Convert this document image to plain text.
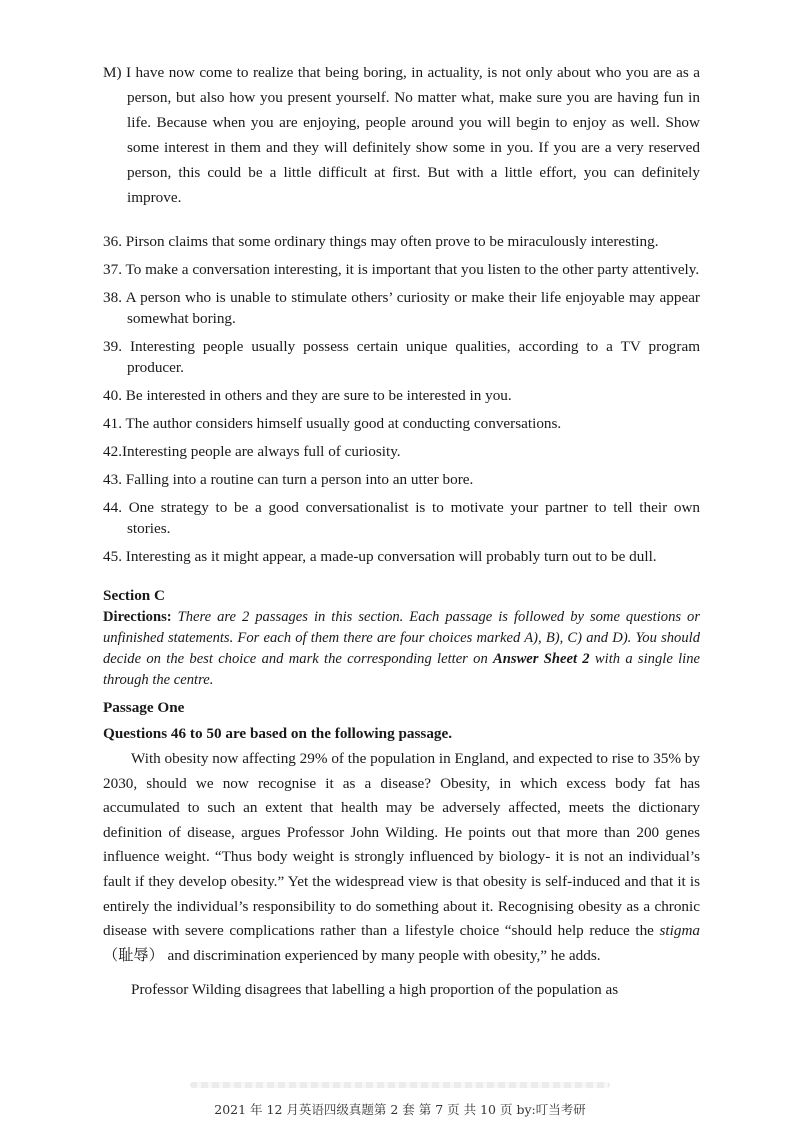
M) I have now come to realize that being boring, in actuality, is not only about who you are as a person, but also how you present yourself. No matter what, make sure you are having fun in life. Because when you are enjoying, people around you will begin to enjoy as well. Show some interest in them and they will definitely show some in you. If you are a very reserved person, this could be a little difficult at first. But with a little effort, you can definitely improve.

36. Pirson claims that some ordinary things may often prove to be miraculously interesting.
37. To make a conversation interesting, it is important that you listen to the other party attentively.
38. A person who is unable to stimulate others’ curiosity or make their life enjoyable may appear somewhat boring.
39. Interesting people usually possess certain unique qualities, according to a TV program producer.
40. Be interested in others and they are sure to be interested in you.
41. The author considers himself usually good at conducting conversations.
42.Interesting people are always full of curiosity.
43. Falling into a routine can turn a person into an utter bore.
44. One strategy to be a good conversationalist is to motivate your partner to tell their own stories.
45. Interesting as it might appear, a made-up conversation will probably turn out to be dull.

Section C

Directions: There are 2 passages in this section. Each passage is followed by some questions or unfinished statements. For each of them there are four choices marked A), B), C) and D). You should decide on the best choice and mark the corresponding letter on Answer Sheet 2 with a single line through the centre.

Passage One

Questions 46 to 50 are based on the following passage.

With obesity now affecting 29% of the population in England, and expected to rise to 35% by 2030, should we now recognise it as a disease? Obesity, in which excess body fat has accumulated to such an extent that health may be adversely affected, meets the dictionary definition of disease, argues Professor John Wilding. He points out that more than 200 genes influence weight. “Thus body weight is strongly influenced by biology- it is not an individual’s fault if they develop obesity.” Yet the widespread view is that obesity is self-induced and that it is entirely the individual’s responsibility to do something about it. Recognising obesity as a chronic disease with severe complications rather than a lifestyle choice “should help reduce the stigma（耻辱） and discrimination experienced by many people with obesity,” he adds.

Professor Wilding disagrees that labelling a high proportion of the population as

2021 年 12 月英语四级真题第 2 套 第 7 页 共 10 页 by:叮当考研
